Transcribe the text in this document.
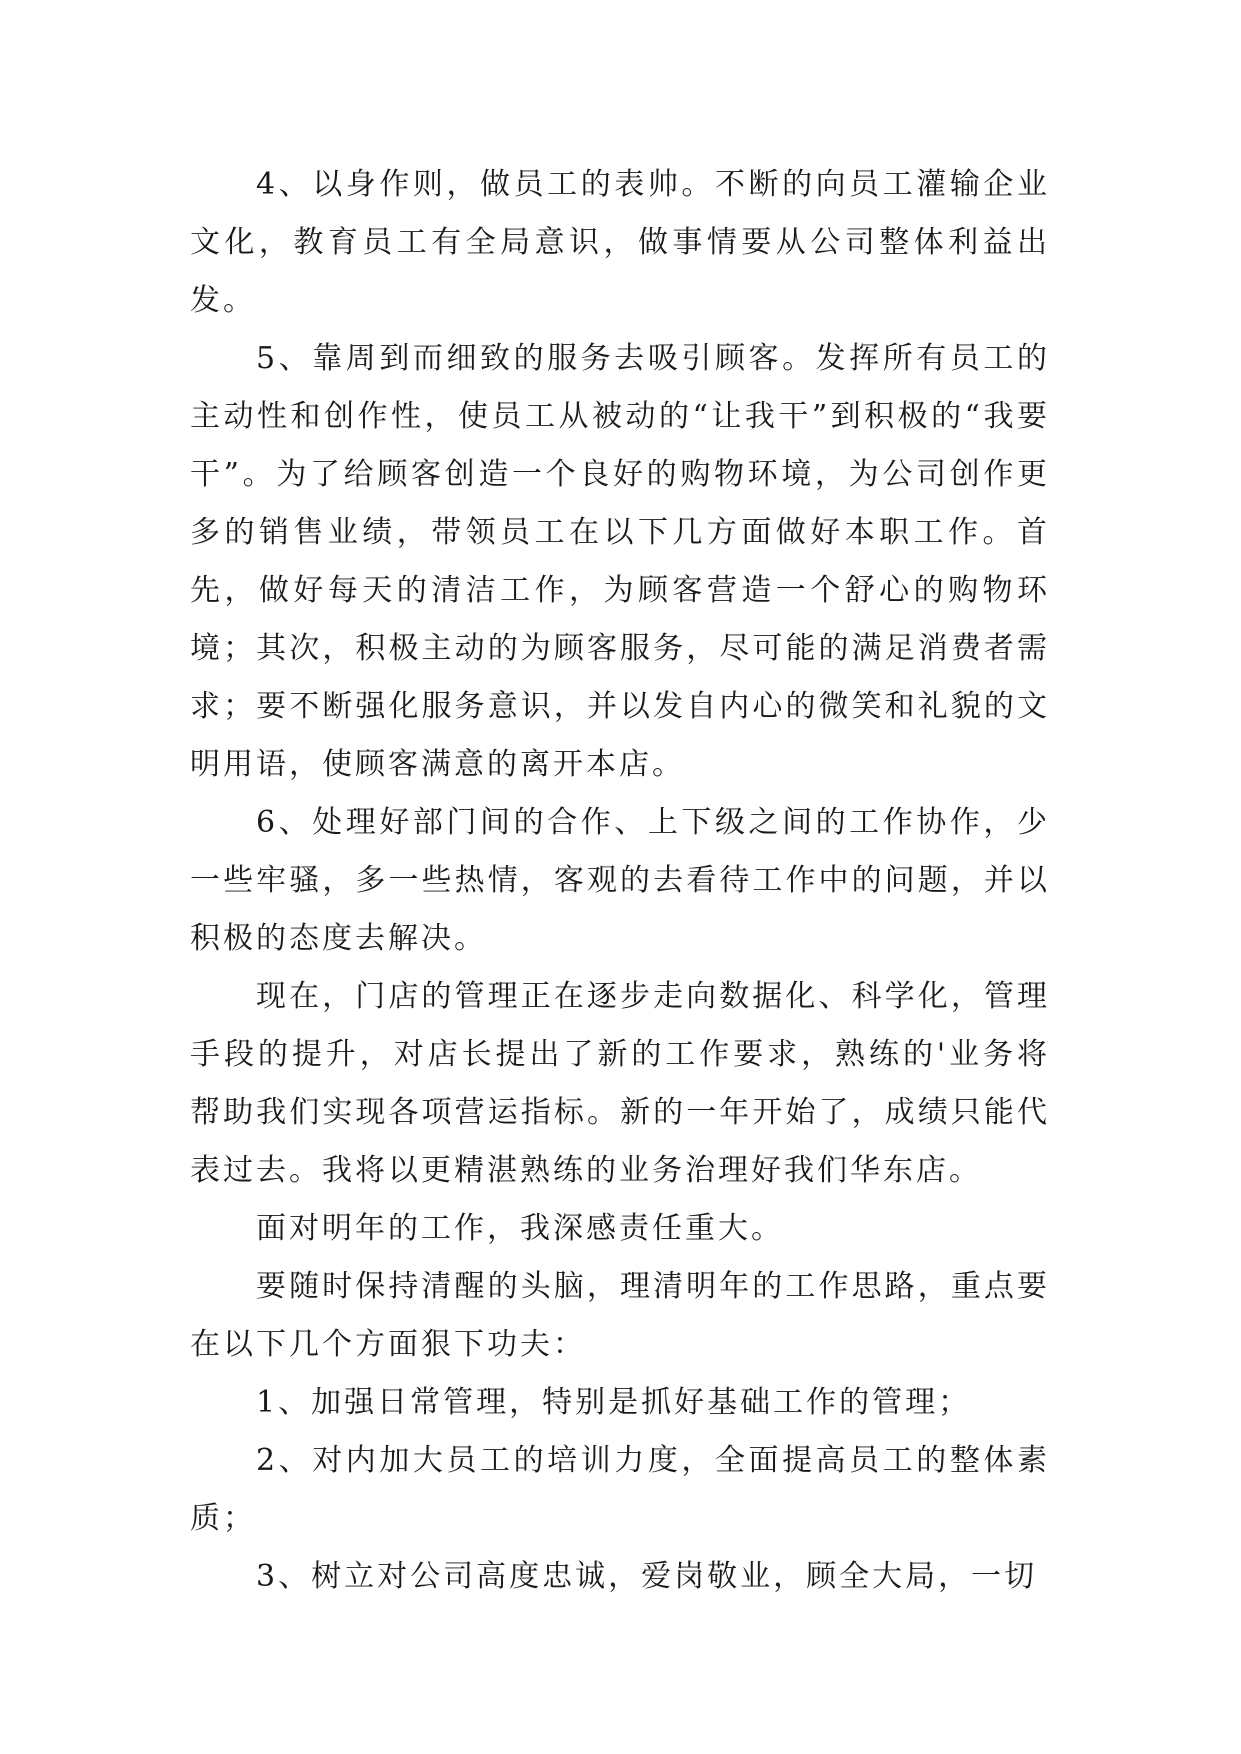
4、以身作则，做员工的表帅。不断的向员工灌输企业文化，教育员工有全局意识，做事情要从公司整体利益出发。

5、靠周到而细致的服务去吸引顾客。发挥所有员工的主动性和创作性，使员工从被动的“让我干”到积极的“我要干”。为了给顾客创造一个良好的购物环境，为公司创作更多的销售业绩，带领员工在以下几方面做好本职工作。首先，做好每天的清洁工作，为顾客营造一个舒心的购物环境；其次，积极主动的为顾客服务，尽可能的满足消费者需求；要不断强化服务意识，并以发自内心的微笑和礼貌的文明用语，使顾客满意的离开本店。

6、处理好部门间的合作、上下级之间的工作协作，少一些牢骚，多一些热情，客观的去看待工作中的问题，并以积极的态度去解决。

现在，门店的管理正在逐步走向数据化、科学化，管理手段的提升，对店长提出了新的工作要求，熟练的'业务将帮助我们实现各项营运指标。新的一年开始了，成绩只能代表过去。我将以更精湛熟练的业务治理好我们华东店。

面对明年的工作，我深感责任重大。

要随时保持清醒的头脑，理清明年的工作思路，重点要在以下几个方面狠下功夫：

1、加强日常管理，特别是抓好基础工作的管理；

2、对内加大员工的培训力度，全面提高员工的整体素质；

3、树立对公司高度忠诚，爱岗敬业，顾全大局，一切
